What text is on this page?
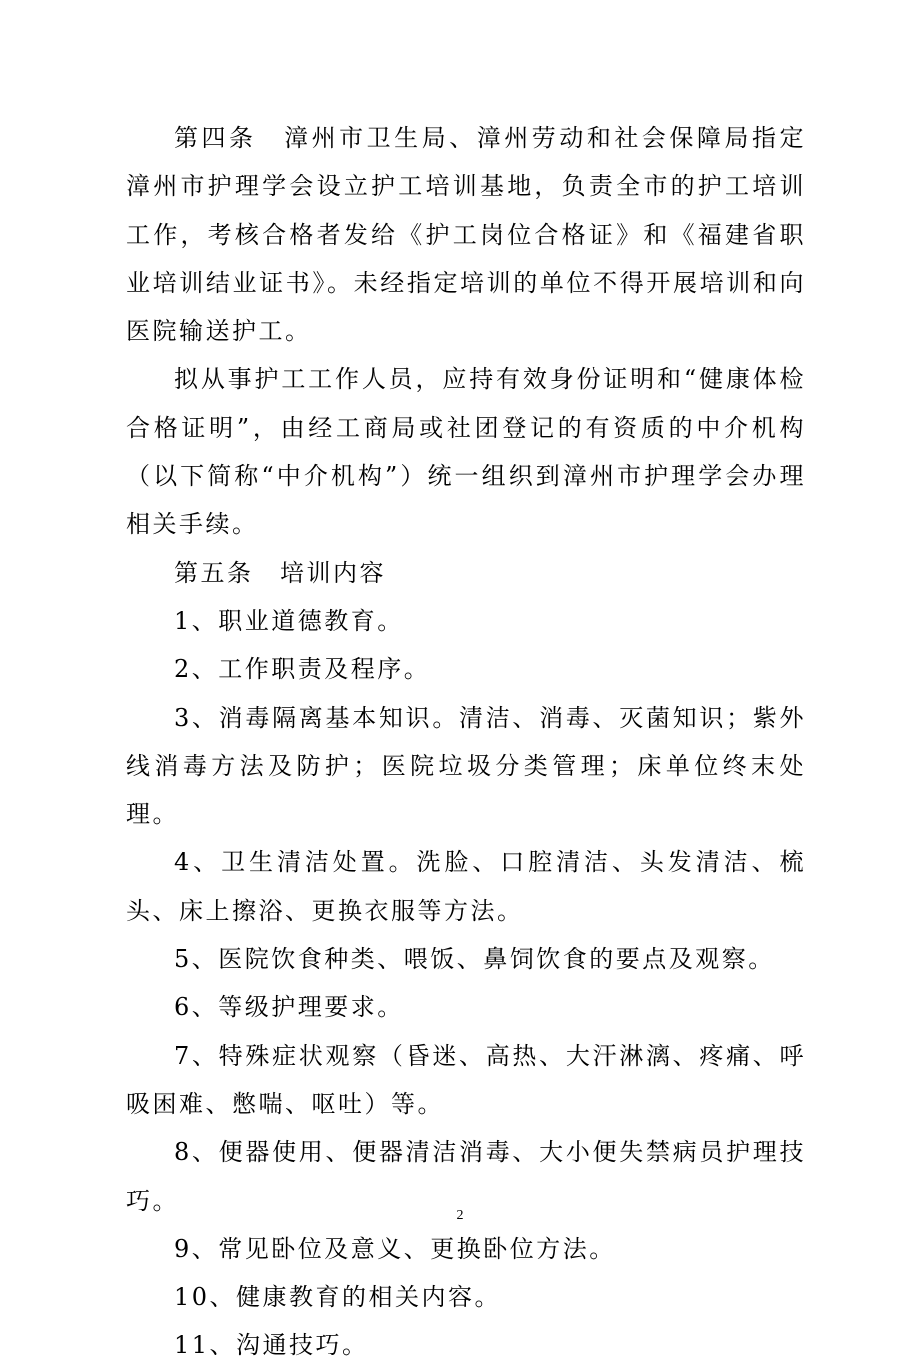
第四条　漳州市卫生局、漳州劳动和社会保障局指定漳州市护理学会设立护工培训基地，负责全市的护工培训工作，考核合格者发给《护工岗位合格证》和《福建省职业培训结业证书》。未经指定培训的单位不得开展培训和向医院输送护工。

拟从事护工工作人员，应持有效身份证明和“健康体检合格证明”，由经工商局或社团登记的有资质的中介机构（以下简称“中介机构”）统一组织到漳州市护理学会办理相关手续。

第五条　培训内容

1、职业道德教育。

2、工作职责及程序。

3、消毒隔离基本知识。清洁、消毒、灭菌知识；紫外线消毒方法及防护；医院垃圾分类管理；床单位终末处理。

4、卫生清洁处置。洗脸、口腔清洁、头发清洁、梳头、床上擦浴、更换衣服等方法。

5、医院饮食种类、喂饭、鼻饲饮食的要点及观察。

6、等级护理要求。

7、特殊症状观察（昏迷、高热、大汗淋漓、疼痛、呼吸困难、憋喘、呕吐）等。

8、便器使用、便器清洁消毒、大小便失禁病员护理技巧。

9、常见卧位及意义、更换卧位方法。

10、健康教育的相关内容。

11、沟通技巧。

2
